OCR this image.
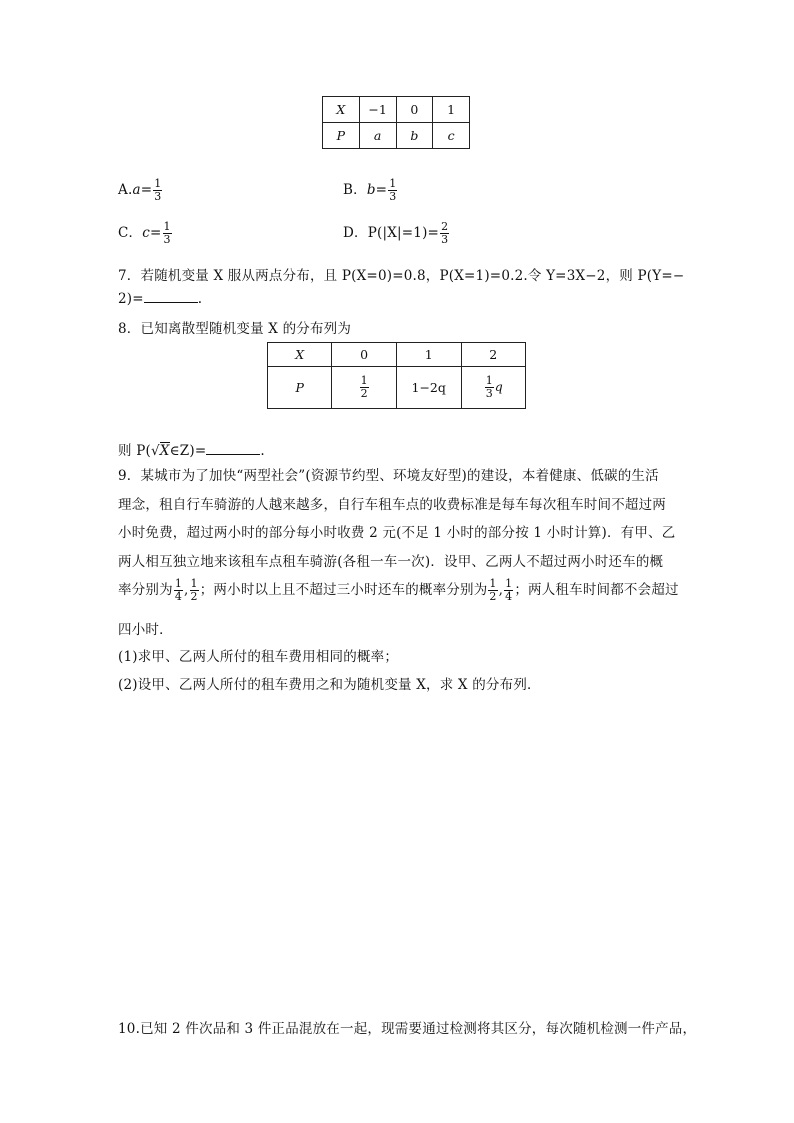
X	−1	0	1
P	a	b	c
$A.a= \frac{1}{3}$	B．$b= \frac{1}{3}$
C．$c= \frac{1}{3}$	D．$P(|X|=1)= \frac{2}{3}$
7．若随机变量 X 服从两点分布，且 P(X=0)=0.8，P(X=1)=0.2.令 Y=3X−2，则 P(Y=−
2)=	.
8．已知离散型随机变量 X 的分布列为
X	0	1	2
P	$\frac{1}{2}$	1−2q	$\frac{1}{3}$ q
则 P(√X∈Z)=	.
9．某城市为了加快“两型社会”(资源节约型、环境友好型)的建设，本着健康、低碳的生活
理念，租自行车骑游的人越来越多，自行车租车点的收费标准是每车每次租车时间不超过两
小时免费，超过两小时的部分每小时收费 2 元(不足 1 小时的部分按 1 小时计算)．有甲、乙
两人相互独立地来该租车点租车骑游(各租一车一次)．设甲、乙两人不超过两小时还车的概
率分别为 $\frac{1}{4}$ , $\frac{1}{2}$ ；两小时以上且不超过三小时还车的概率分别为 $\frac{1}{2}$ , $\frac{1}{4}$ ；两人租车时间都不会超过
四小时．
(1)求甲、乙两人所付的租车费用相同的概率；
(2)设甲、乙两人所付的租车费用之和为随机变量 X，求 X 的分布列．
10.已知 2 件次品和 3 件正品混放在一起，现需要通过检测将其区分，每次随机检测一件产品，
